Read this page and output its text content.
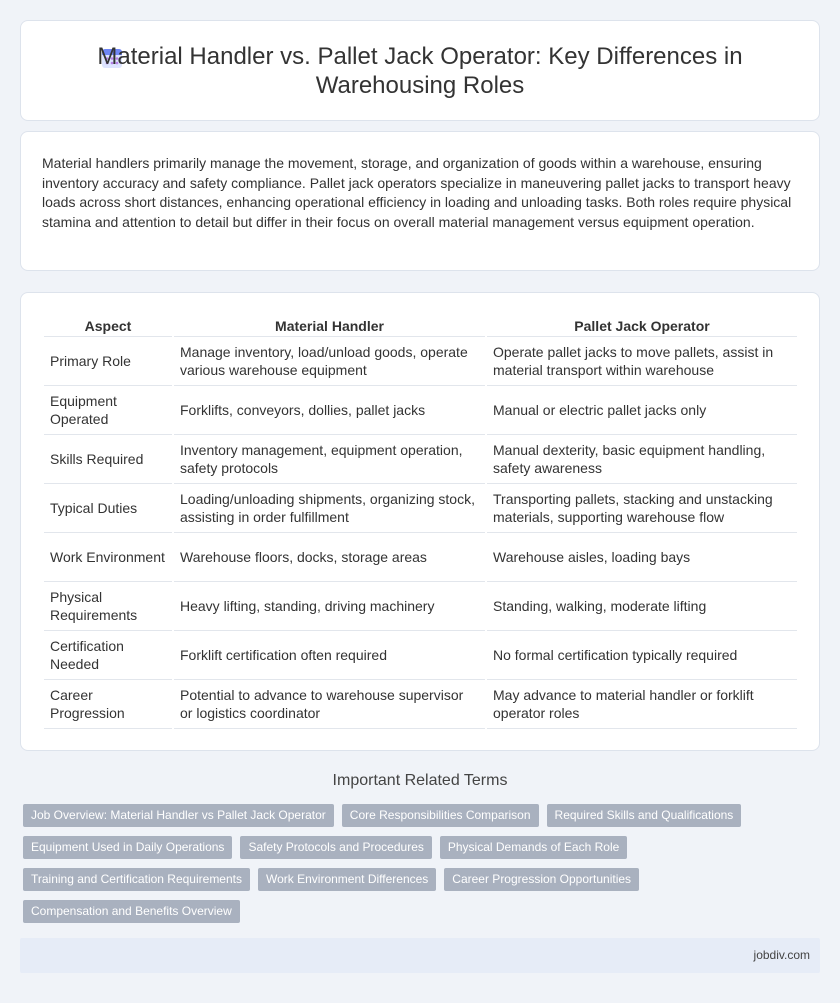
Material Handler vs. Pallet Jack Operator: Key Differences in Warehousing Roles

Material handlers primarily manage the movement, storage, and organization of goods within a warehouse, ensuring inventory accuracy and safety compliance. Pallet jack operators specialize in maneuvering pallet jacks to transport heavy loads across short distances, enhancing operational efficiency in loading and unloading tasks. Both roles require physical stamina and attention to detail but differ in their focus on overall material management versus equipment operation.

Aspect	Material Handler	Pallet Jack Operator
Primary Role	Manage inventory, load/unload goods, operate various warehouse equipment	Operate pallet jacks to move pallets, assist in material transport within warehouse
Equipment Operated	Forklifts, conveyors, dollies, pallet jacks	Manual or electric pallet jacks only
Skills Required	Inventory management, equipment operation, safety protocols	Manual dexterity, basic equipment handling, safety awareness
Typical Duties	Loading/unloading shipments, organizing stock, assisting in order fulfillment	Transporting pallets, stacking and unstacking materials, supporting warehouse flow
Work Environment	Warehouse floors, docks, storage areas	Warehouse aisles, loading bays
Physical Requirements	Heavy lifting, standing, driving machinery	Standing, walking, moderate lifting
Certification Needed	Forklift certification often required	No formal certification typically required
Career Progression	Potential to advance to warehouse supervisor or logistics coordinator	May advance to material handler or forklift operator roles
Important Related Terms
Job Overview: Material Handler vs Pallet Jack Operator	Core Responsibilities Comparison	Required Skills and Qualifications
Equipment Used in Daily Operations	Safety Protocols and Procedures	Physical Demands of Each Role
Training and Certification Requirements	Work Environment Differences	Career Progression Opportunities
Compensation and Benefits Overview
jobdiv.com
